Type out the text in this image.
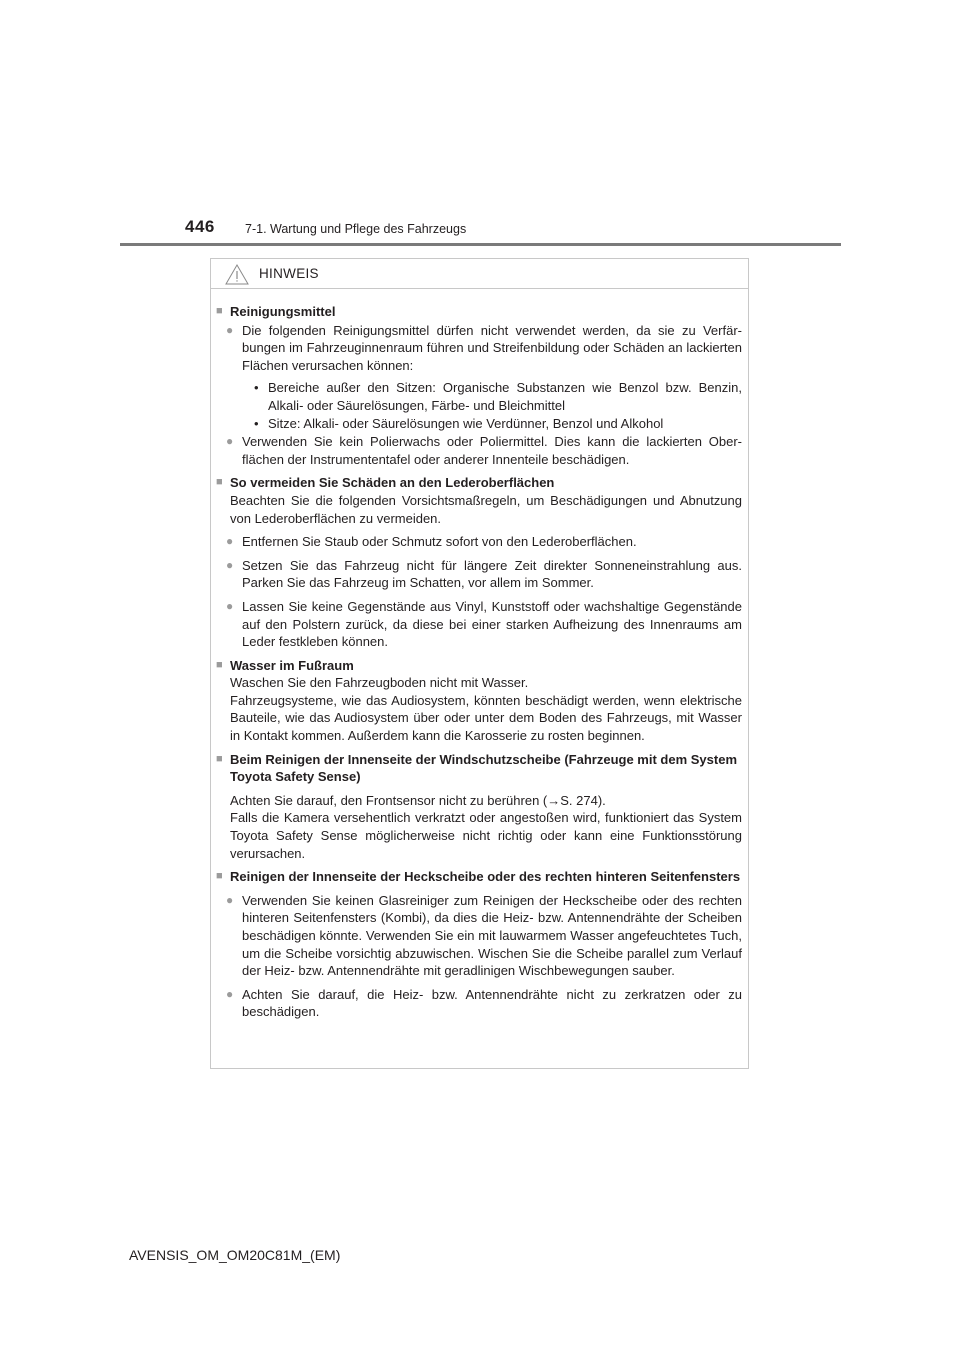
446 7-1. Wartung und Pflege des Fahrzeugs
HINWEIS
■ Reinigungsmittel
● Die folgenden Reinigungsmittel dürfen nicht verwendet werden, da sie zu Verfärbungen im Fahrzeuginnenraum führen und Streifenbildung oder Schäden an lackierten Flächen verursachen können:
• Bereiche außer den Sitzen: Organische Substanzen wie Benzol bzw. Benzin, Alkali- oder Säurelösungen, Färbe- und Bleichmittel
• Sitze: Alkali- oder Säurelösungen wie Verdünner, Benzol und Alkohol
● Verwenden Sie kein Polierwachs oder Poliermittel. Dies kann die lackierten Oberflächen der Instrumententafel oder anderer Innenteile beschädigen.
■ So vermeiden Sie Schäden an den Lederoberflächen
Beachten Sie die folgenden Vorsichtsmaßregeln, um Beschädigungen und Abnutzung von Lederoberflächen zu vermeiden.
● Entfernen Sie Staub oder Schmutz sofort von den Lederoberflächen.
● Setzen Sie das Fahrzeug nicht für längere Zeit direkter Sonneneinstrahlung aus. Parken Sie das Fahrzeug im Schatten, vor allem im Sommer.
● Lassen Sie keine Gegenstände aus Vinyl, Kunststoff oder wachshaltige Gegenstände auf den Polstern zurück, da diese bei einer starken Aufheizung des Innenraums am Leder festkleben können.
■ Wasser im Fußraum
Waschen Sie den Fahrzeugboden nicht mit Wasser.
Fahrzeugsysteme, wie das Audiosystem, könnten beschädigt werden, wenn elektrische Bauteile, wie das Audiosystem über oder unter dem Boden des Fahrzeugs, mit Wasser in Kontakt kommen. Außerdem kann die Karosserie zu rosten beginnen.
■ Beim Reinigen der Innenseite der Windschutzscheibe (Fahrzeuge mit dem System Toyota Safety Sense)
Achten Sie darauf, den Frontsensor nicht zu berühren (→S. 274).
Falls die Kamera versehentlich verkratzt oder angestoßen wird, funktioniert das System Toyota Safety Sense möglicherweise nicht richtig oder kann eine Funktionsstörung verursachen.
■ Reinigen der Innenseite der Heckscheibe oder des rechten hinteren Seitenfensters
● Verwenden Sie keinen Glasreiniger zum Reinigen der Heckscheibe oder des rechten hinteren Seitenfensters (Kombi), da dies die Heiz- bzw. Antennendrähte der Scheiben beschädigen könnte. Verwenden Sie ein mit lauwarmem Wasser angefeuchtetes Tuch, um die Scheibe vorsichtig abzuwischen. Wischen Sie die Scheibe parallel zum Verlauf der Heiz- bzw. Antennendrähte mit geradlinigen Wischbewegungen sauber.
● Achten Sie darauf, die Heiz- bzw. Antennendrähte nicht zu zerkratzen oder zu beschädigen.
AVENSIS_OM_OM20C81M_(EM)
